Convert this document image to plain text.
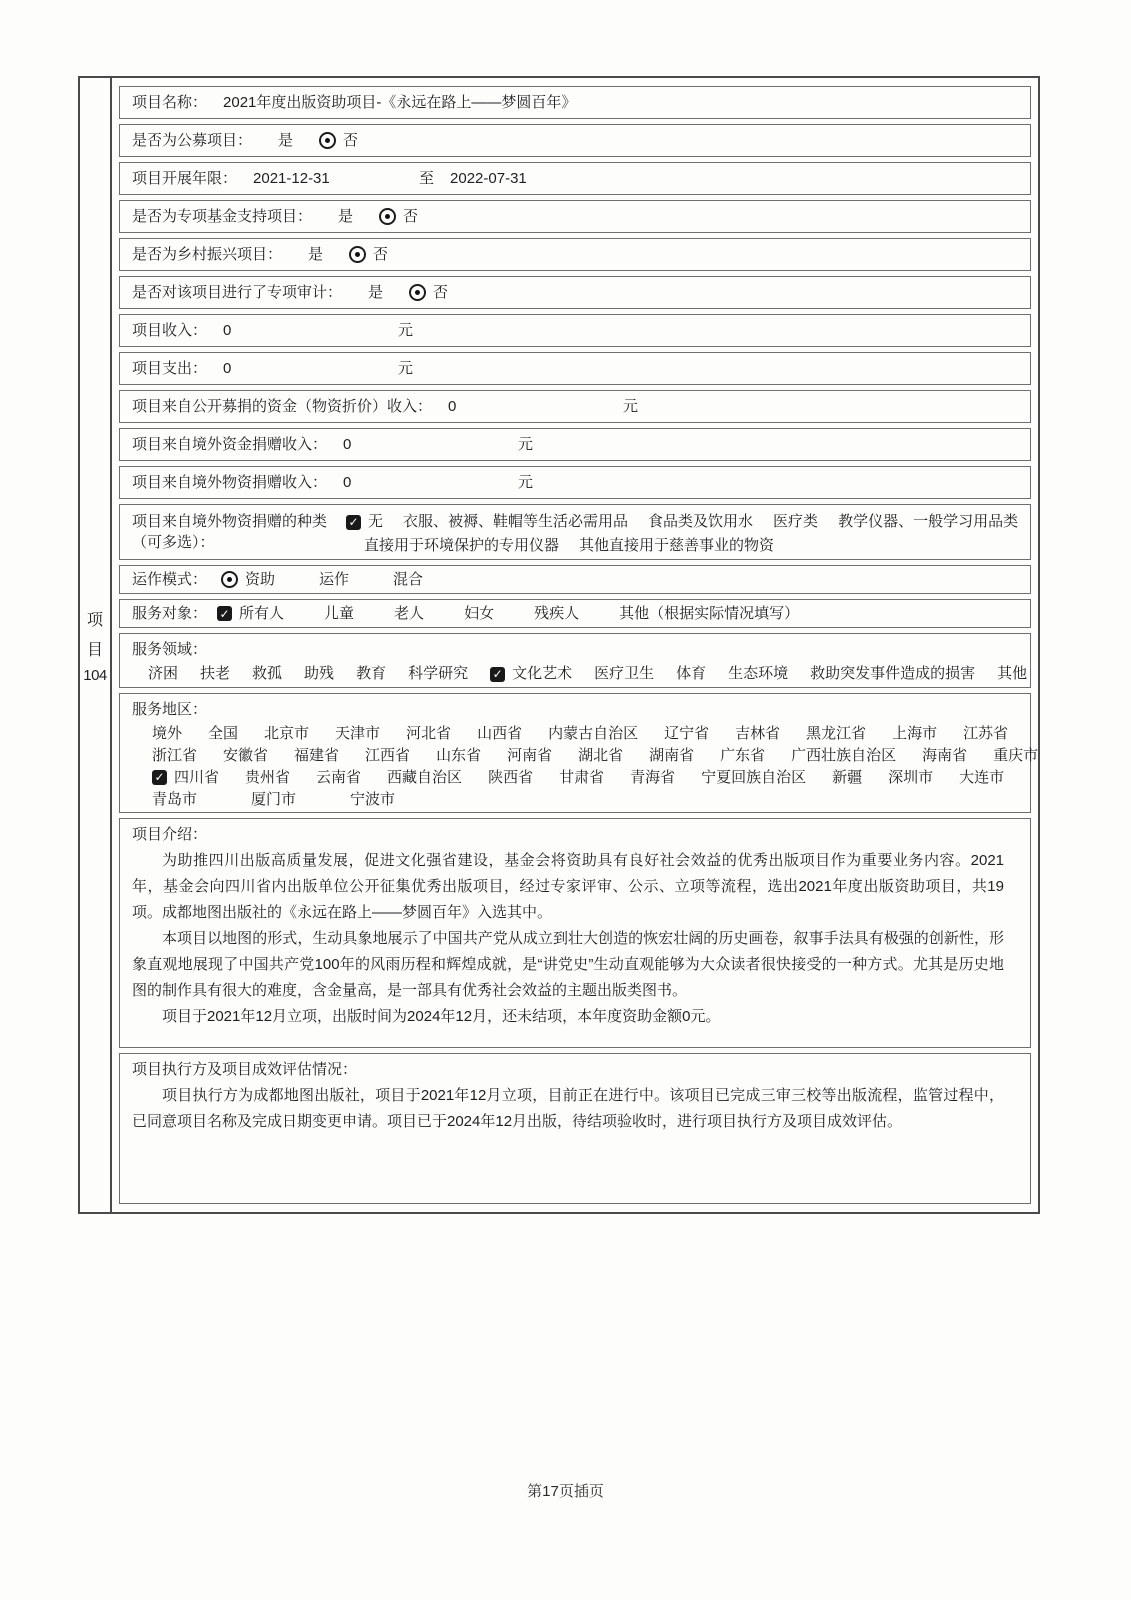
项
目
104
项目名称： 2021年度出版资助项目-《永远在路上——梦圆百年》
是否为公募项目： 是	否
项目开展年限： 2021-12-31	至 2022-07-31
是否为专项基金支持项目： 是	否
是否为乡村振兴项目： 是	否
是否对该项目进行了专项审计： 是	否
项目收入： 0	元
项目支出： 0	元
项目来自公开募捐的资金（物资折价）收入： 0	元
项目来自境外资金捐赠收入： 0	元
项目来自境外物资捐赠收入： 0	元
项目来自境外物资捐赠的种类
（可多选）：
✓
无 衣服、被褥、鞋帽等生活必需用品 食品类及饮用水 医疗类 教学仪器、一般学习用品类
直接用于环境保护的专用仪器 其他直接用于慈善事业的物资
运作模式：	资助	运作	混合
服务对象： ✓ 所有人	儿童	老人	妇女	残疾人	其他（根据实际情况填写）
服务领域：
济困 扶老 救孤 助残 教育 科学研究 ✓	文化艺术 医疗卫生 体育 生态环境 救助突发事件造成的损害 其他
服务地区：
境外 全国 北京市 天津市 河北省 山西省 内蒙古自治区 辽宁省 吉林省 黑龙江省 上海市 江苏省
浙江省 安徽省 福建省 江西省 山东省 河南省 湖北省 湖南省 广东省 广西壮族自治区 海南省 重庆市
✓
四川省 贵州省 云南省 西藏自治区 陕西省 甘肃省 青海省 宁夏回族自治区 新疆 深圳市 大连市
青岛市	厦门市	宁波市
项目介绍：

为助推四川出版高质量发展，促进文化强省建设，基金会将资助具有良好社会效益的优秀出版项目作为重要业务内容。2021年，基金会向四川省内出版单位公开征集优秀出版项目，经过专家评审、公示、立项等流程，选出2021年度出版资助项目，共19项。成都地图出版社的《永远在路上——梦圆百年》入选其中。

本项目以地图的形式，生动具象地展示了中国共产党从成立到壮大创造的恢宏壮阔的历史画卷，叙事手法具有极强的创新性，形象直观地展现了中国共产党100年的风雨历程和辉煌成就，是“讲党史”生动直观能够为大众读者很快接受的一种方式。尤其是历史地图的制作具有很大的难度，含金量高，是一部具有优秀社会效益的主题出版类图书。

项目于2021年12月立项，出版时间为2024年12月，还未结项，本年度资助金额0元。

项目执行方及项目成效评估情况：

项目执行方为成都地图出版社，项目于2021年12月立项，目前正在进行中。该项目已完成三审三校等出版流程，监管过程中，已同意项目名称及完成日期变更申请。项目已于2024年12月出版，待结项验收时，进行项目执行方及项目成效评估。

第17页插页
